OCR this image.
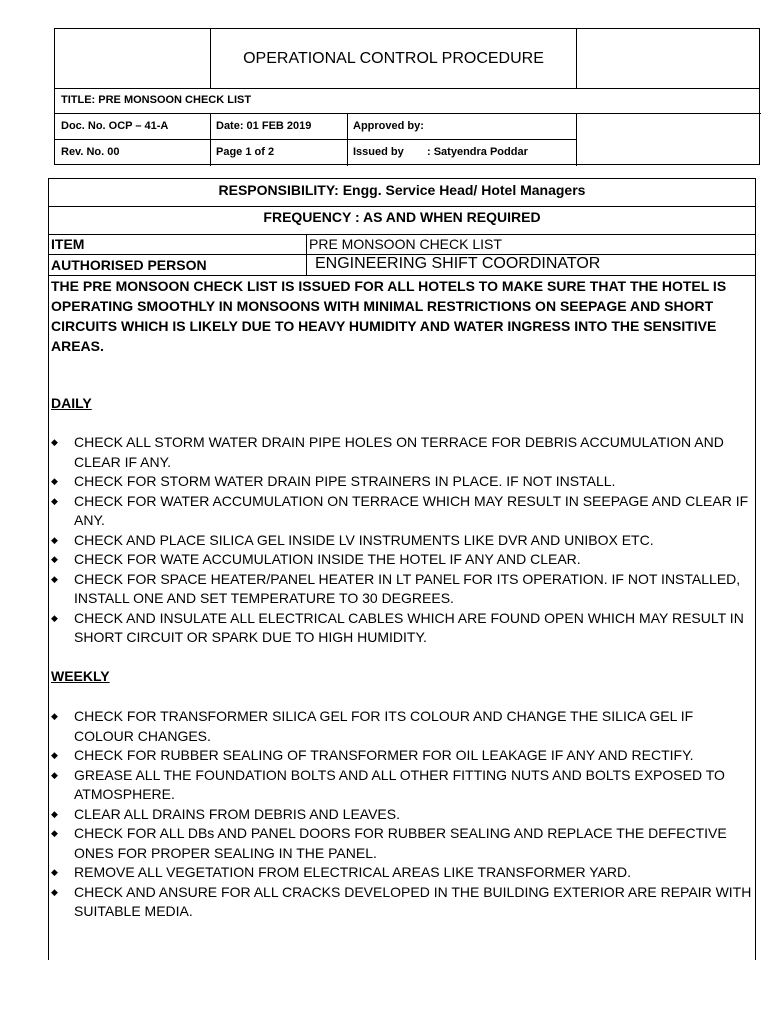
OPERATIONAL CONTROL PROCEDURE
TITLE: PRE MONSOON CHECK LIST
Doc. No. OCP – 41-A	Date: 01 FEB 2019	Approved by:
Rev. No. 00	Page 1 of 2	Issued by : Satyendra Poddar
RESPONSIBILITY: Engg. Service Head/ Hotel Managers
FREQUENCY : AS AND WHEN REQUIRED
ITEM	PRE MONSOON CHECK LIST
AUTHORISED PERSON	ENGINEERING SHIFT COORDINATOR
THE PRE MONSOON CHECK LIST IS ISSUED FOR ALL HOTELS TO MAKE SURE THAT THE HOTEL IS OPERATING SMOOTHLY IN MONSOONS WITH MINIMAL RESTRICTIONS ON SEEPAGE AND SHORT CIRCUITS WHICH IS LIKELY DUE TO HEAVY HUMIDITY AND WATER INGRESS INTO THE SENSITIVE AREAS.
DAILY
◆ CHECK ALL STORM WATER DRAIN PIPE HOLES ON TERRACE FOR DEBRIS ACCUMULATION AND CLEAR IF ANY.
◆ CHECK FOR STORM WATER DRAIN PIPE STRAINERS IN PLACE. IF NOT INSTALL.
◆ CHECK FOR WATER ACCUMULATION ON TERRACE WHICH MAY RESULT IN SEEPAGE AND CLEAR IF ANY.
◆ CHECK AND PLACE SILICA GEL INSIDE LV INSTRUMENTS LIKE DVR AND UNIBOX ETC.
◆ CHECK FOR WATE ACCUMULATION INSIDE THE HOTEL IF ANY AND CLEAR.
◆ CHECK FOR SPACE HEATER/PANEL HEATER IN LT PANEL FOR ITS OPERATION. IF NOT INSTALLED, INSTALL ONE AND SET TEMPERATURE TO 30 DEGREES.
◆ CHECK AND INSULATE ALL ELECTRICAL CABLES WHICH ARE FOUND OPEN WHICH MAY RESULT IN SHORT CIRCUIT OR SPARK DUE TO HIGH HUMIDITY.
WEEKLY
◆ CHECK FOR TRANSFORMER SILICA GEL FOR ITS COLOUR AND CHANGE THE SILICA GEL IF COLOUR CHANGES.
◆ CHECK FOR RUBBER SEALING OF TRANSFORMER FOR OIL LEAKAGE IF ANY AND RECTIFY.
◆ GREASE ALL THE FOUNDATION BOLTS AND ALL OTHER FITTING NUTS AND BOLTS EXPOSED TO ATMOSPHERE.
◆ CLEAR ALL DRAINS FROM DEBRIS AND LEAVES.
◆ CHECK FOR ALL DBs AND PANEL DOORS FOR RUBBER SEALING AND REPLACE THE DEFECTIVE ONES FOR PROPER SEALING IN THE PANEL.
◆ REMOVE ALL VEGETATION FROM ELECTRICAL AREAS LIKE TRANSFORMER YARD.
◆ CHECK AND ANSURE FOR ALL CRACKS DEVELOPED IN THE BUILDING EXTERIOR ARE REPAIR WITH SUITABLE MEDIA.
